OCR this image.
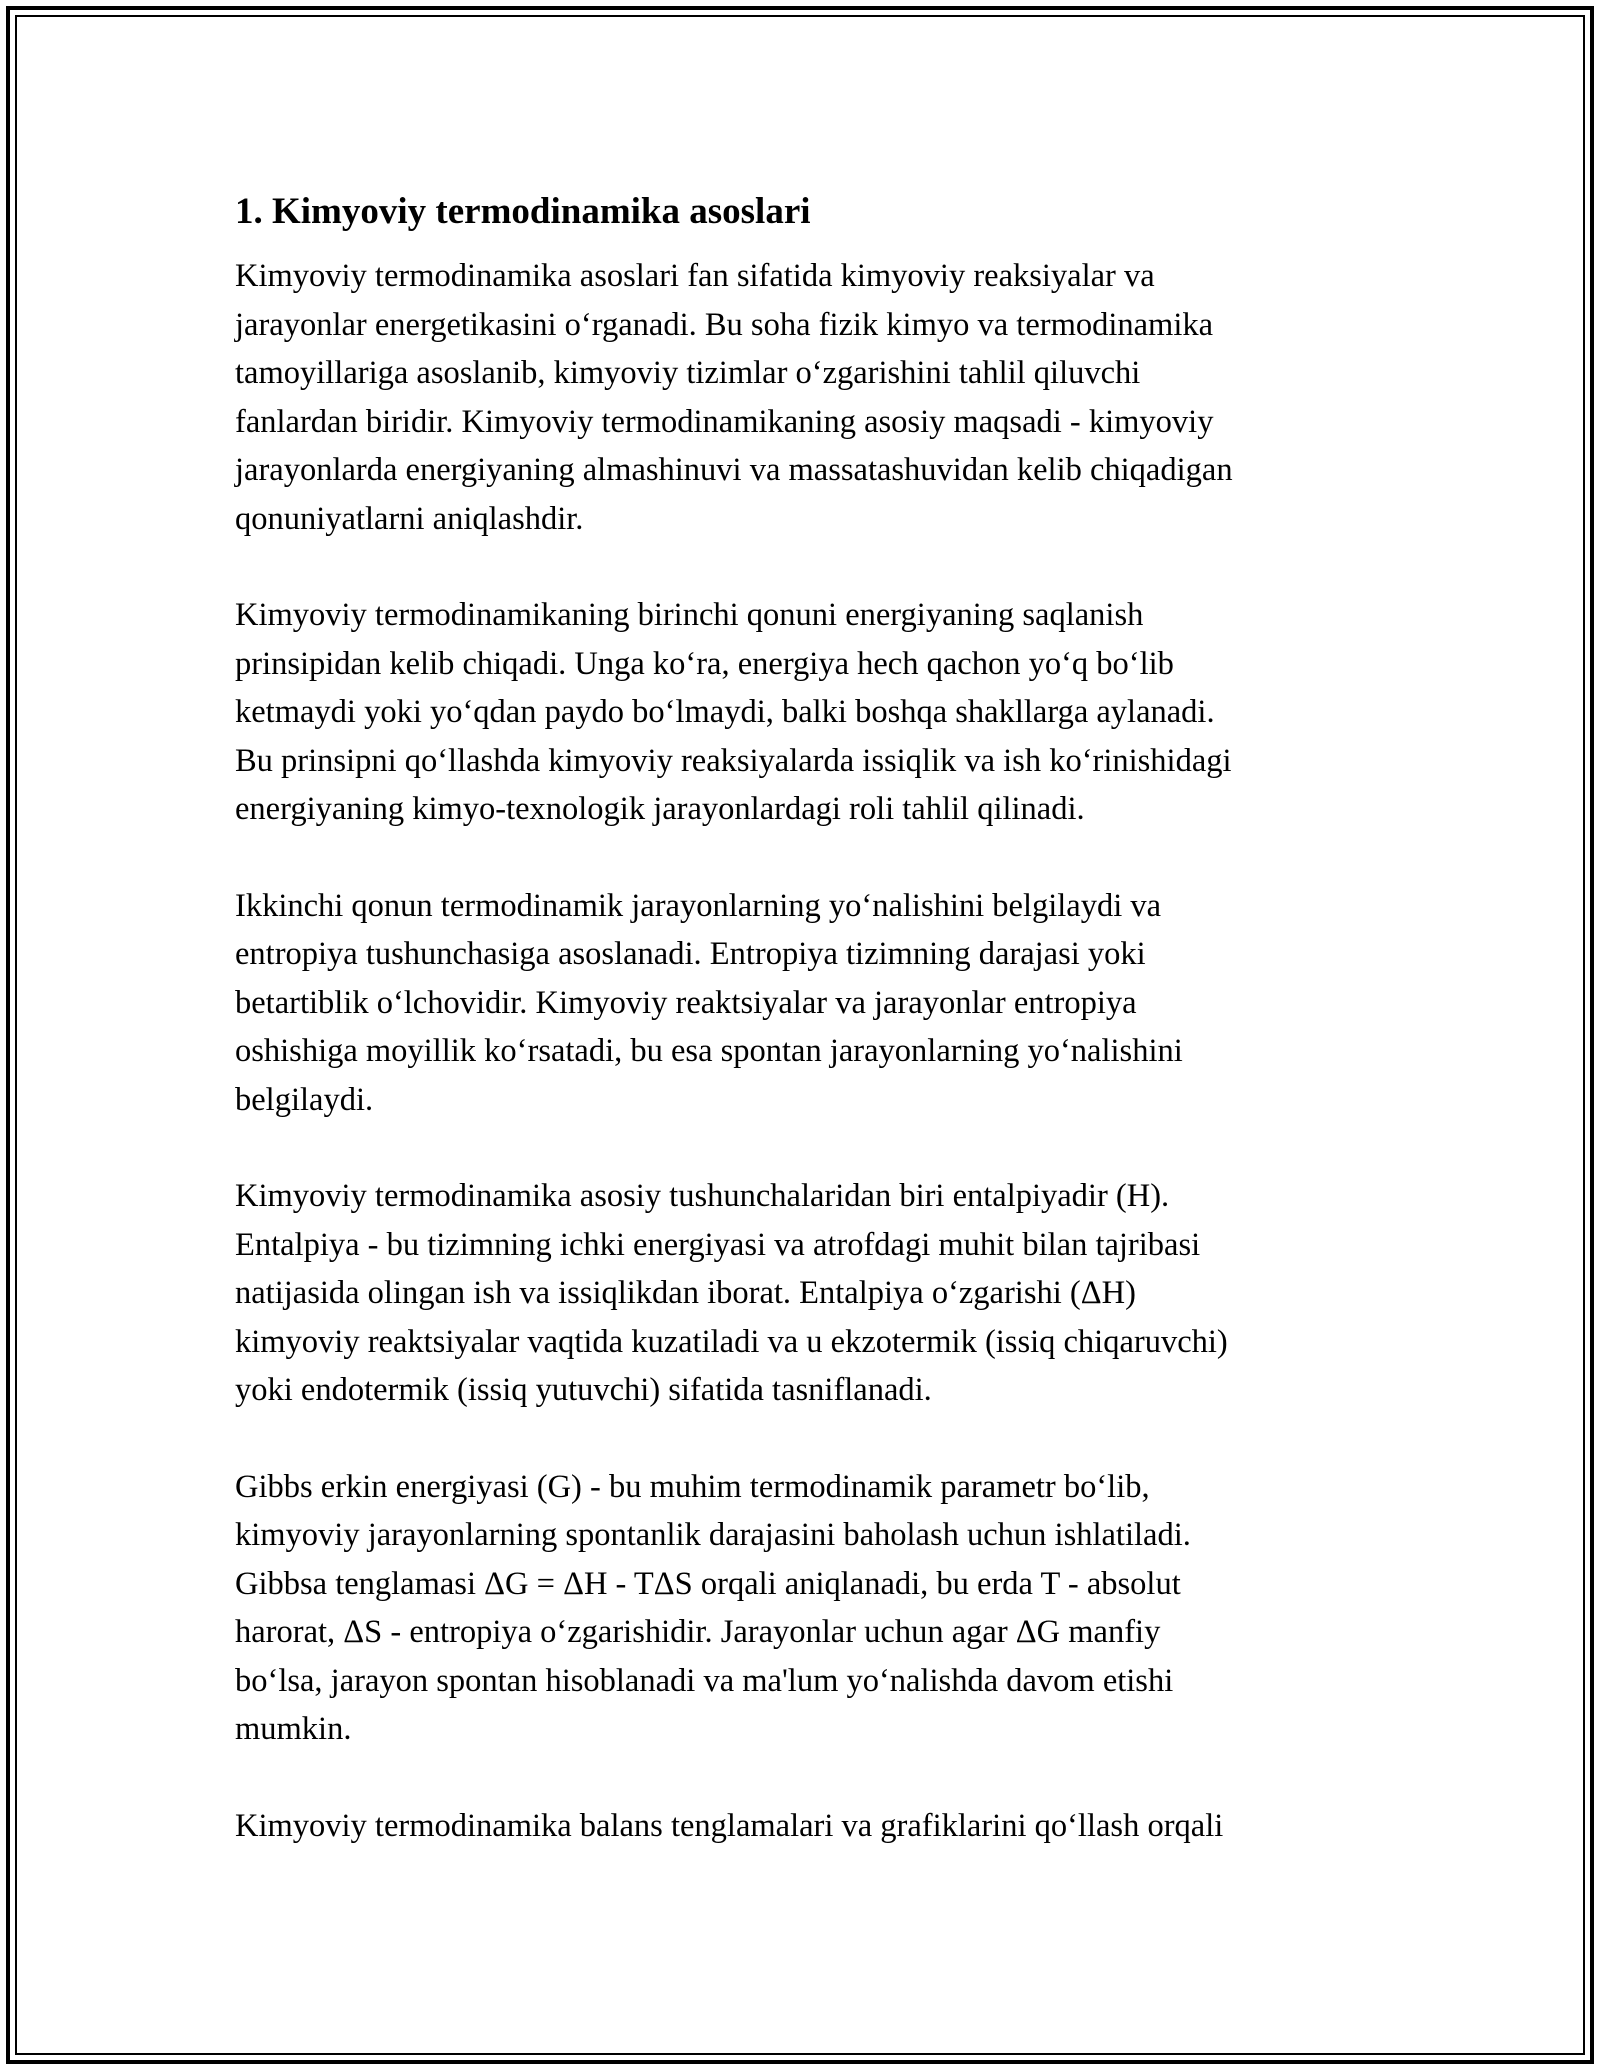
1. Kimyoviy termodinamika asoslari
Kimyoviy termodinamika asoslari fan sifatida kimyoviy reaksiyalar va
jarayonlar energetikasini o‘rganadi. Bu soha fizik kimyo va termodinamika
tamoyillariga asoslanib, kimyoviy tizimlar o‘zgarishini tahlil qiluvchi
fanlardan biridir. Kimyoviy termodinamikaning asosiy maqsadi - kimyoviy
jarayonlarda energiyaning almashinuvi va massatashuvidan kelib chiqadigan
qonuniyatlarni aniqlashdir.
Kimyoviy termodinamikaning birinchi qonuni energiyaning saqlanish
prinsipidan kelib chiqadi. Unga ko‘ra, energiya hech qachon yo‘q bo‘lib
ketmaydi yoki yo‘qdan paydo bo‘lmaydi, balki boshqa shakllarga aylanadi.
Bu prinsipni qo‘llashda kimyoviy reaksiyalarda issiqlik va ish ko‘rinishidagi
energiyaning kimyo-texnologik jarayonlardagi roli tahlil qilinadi.
Ikkinchi qonun termodinamik jarayonlarning yo‘nalishini belgilaydi va
entropiya tushunchasiga asoslanadi. Entropiya tizimning darajasi yoki
betartiblik o‘lchovidir. Kimyoviy reaktsiyalar va jarayonlar entropiya
oshishiga moyillik ko‘rsatadi, bu esa spontan jarayonlarning yo‘nalishini
belgilaydi.
Kimyoviy termodinamika asosiy tushunchalaridan biri entalpiyadir (H).
Entalpiya - bu tizimning ichki energiyasi va atrofdagi muhit bilan tajribasi
natijasida olingan ish va issiqlikdan iborat. Entalpiya o‘zgarishi (ΔH)
kimyoviy reaktsiyalar vaqtida kuzatiladi va u ekzotermik (issiq chiqaruvchi)
yoki endotermik (issiq yutuvchi) sifatida tasniflanadi.
Gibbs erkin energiyasi (G) - bu muhim termodinamik parametr bo‘lib,
kimyoviy jarayonlarning spontanlik darajasini baholash uchun ishlatiladi.
Gibbsa tenglamasi ΔG = ΔH - TΔS orqali aniqlanadi, bu erda T - absolut
harorat, ΔS - entropiya o‘zgarishidir. Jarayonlar uchun agar ΔG manfiy
bo‘lsa, jarayon spontan hisoblanadi va ma'lum yo‘nalishda davom etishi
mumkin.
Kimyoviy termodinamika balans tenglamalari va grafiklarini qo‘llash orqali
